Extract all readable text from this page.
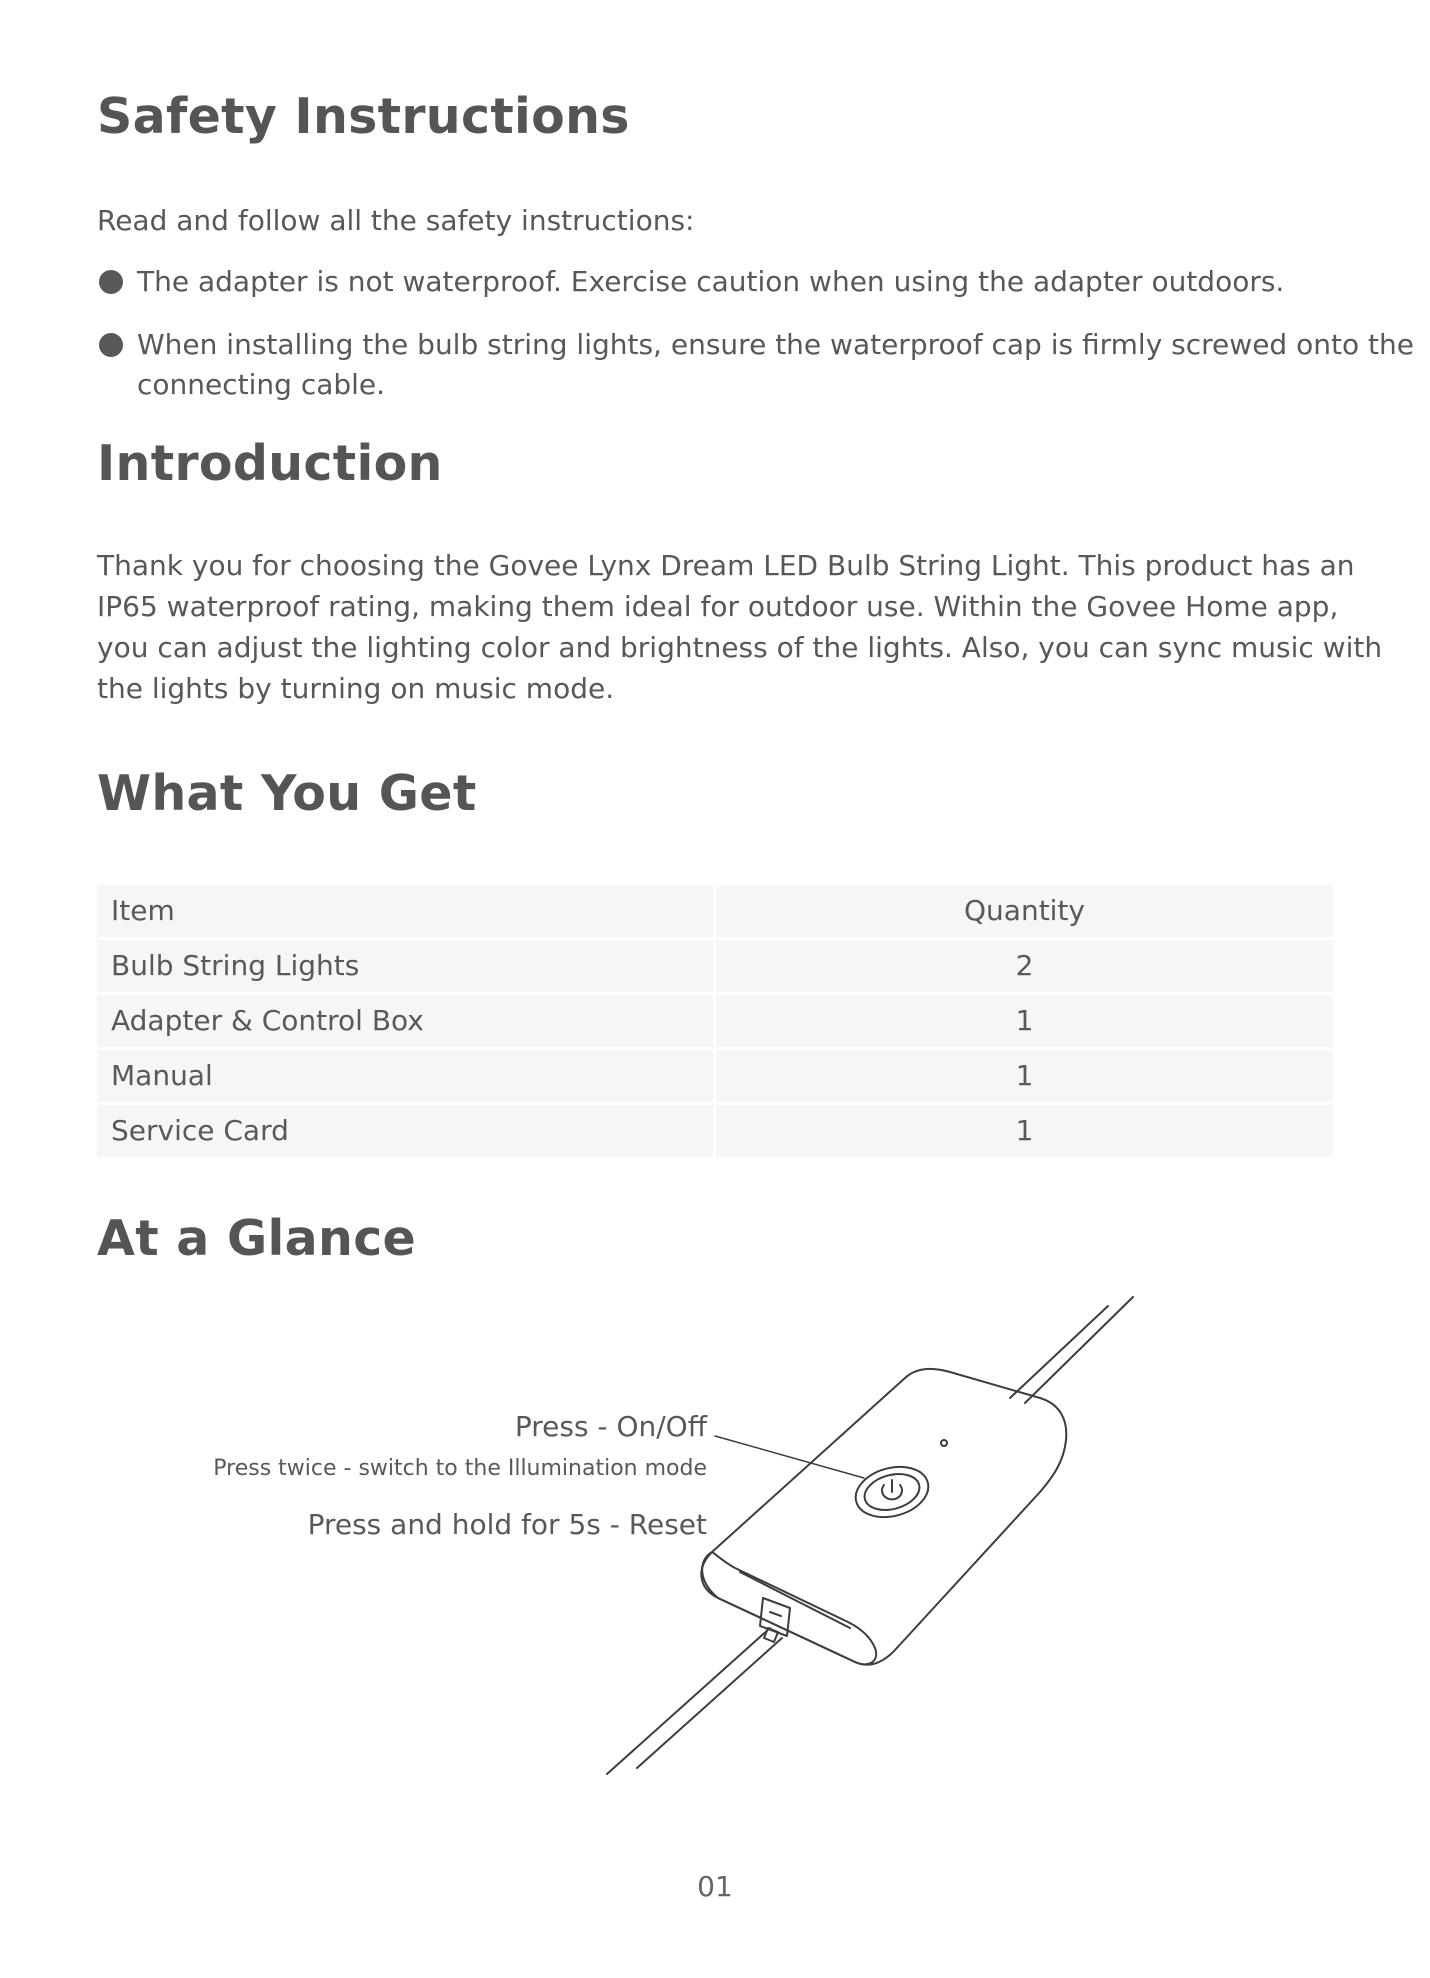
Safety Instructions

Read and follow all the safety instructions:

The adapter is not waterproof. Exercise caution when using the adapter outdoors.

When installing the bulb string lights, ensure the waterproof cap is firmly screwed onto the

connecting cable.

Introduction

Thank you for choosing the Govee Lynx Dream LED Bulb String Light. This product has an

IP65 waterproof rating, making them ideal for outdoor use. Within the Govee Home app,

you can adjust the lighting color and brightness of the lights. Also, you can sync music with

the lights by turning on music mode.

What You Get
Item	Quantity
Bulb String Lights	2
Adapter & Control Box	1
Manual	1
Service Card	1
At a Glance
Press - On/Off
Press twice - switch to the Illumination mode
Press and hold for 5s - Reset
01
